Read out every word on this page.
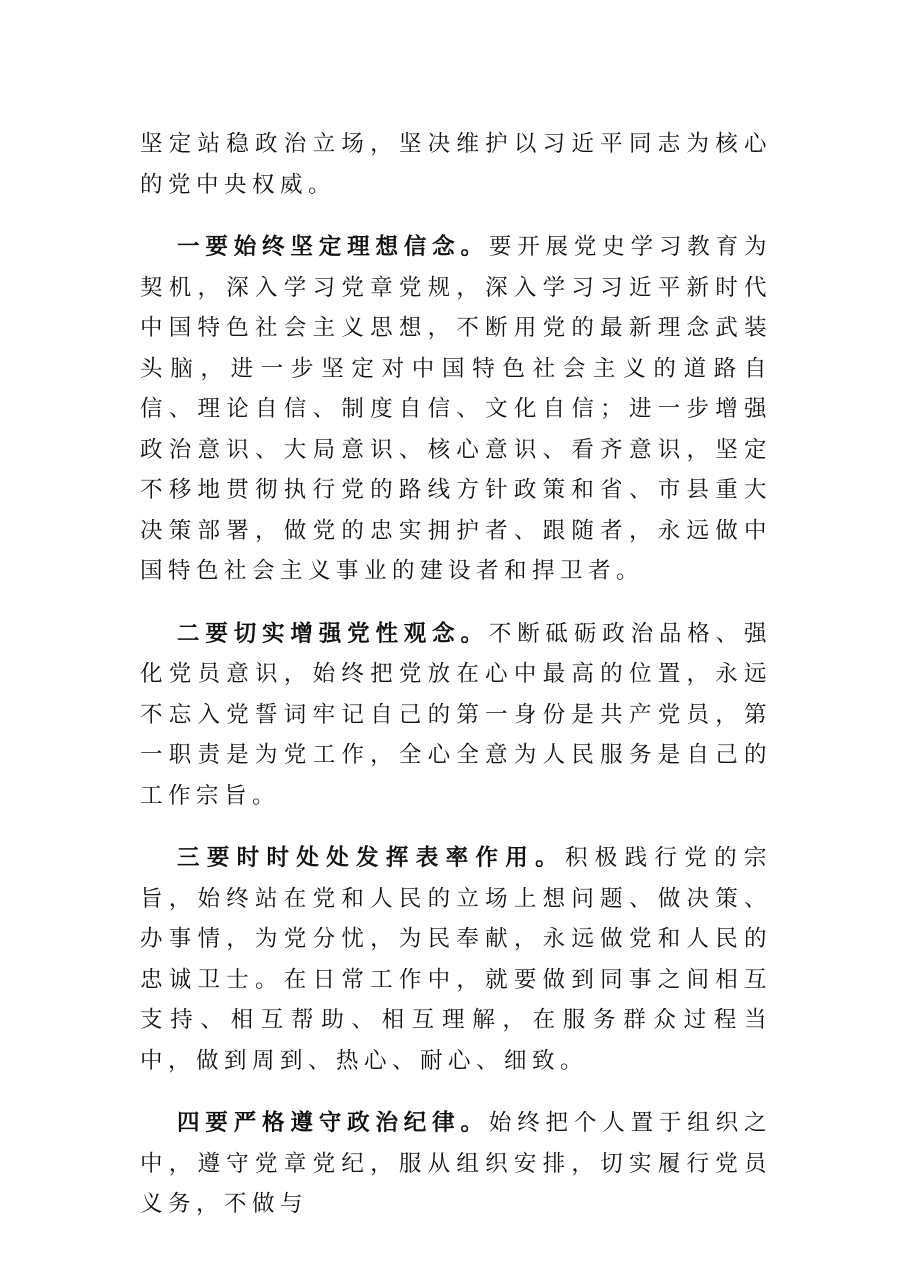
坚定站稳政治立场，坚决维护以习近平同志为核心的党中央权威。

一要始终坚定理想信念。要开展党史学习教育为契机，深入学习党章党规，深入学习习近平新时代中国特色社会主义思想，不断用党的最新理念武装头脑，进一步坚定对中国特色社会主义的道路自信、理论自信、制度自信、文化自信；进一步增强政治意识、大局意识、核心意识、看齐意识，坚定不移地贯彻执行党的路线方针政策和省、市县重大决策部署，做党的忠实拥护者、跟随者，永远做中国特色社会主义事业的建设者和捍卫者。

二要切实增强党性观念。不断砥砺政治品格、强化党员意识，始终把党放在心中最高的位置，永远不忘入党誓词牢记自己的第一身份是共产党员，第一职责是为党工作，全心全意为人民服务是自己的工作宗旨。

三要时时处处发挥表率作用。积极践行党的宗旨，始终站在党和人民的立场上想问题、做决策、办事情，为党分忧，为民奉献，永远做党和人民的忠诚卫士。在日常工作中，就要做到同事之间相互支持、相互帮助、相互理解，在服务群众过程当中，做到周到、热心、耐心、细致。

四要严格遵守政治纪律。始终把个人置于组织之中，遵守党章党纪，服从组织安排，切实履行党员义务，不做与
